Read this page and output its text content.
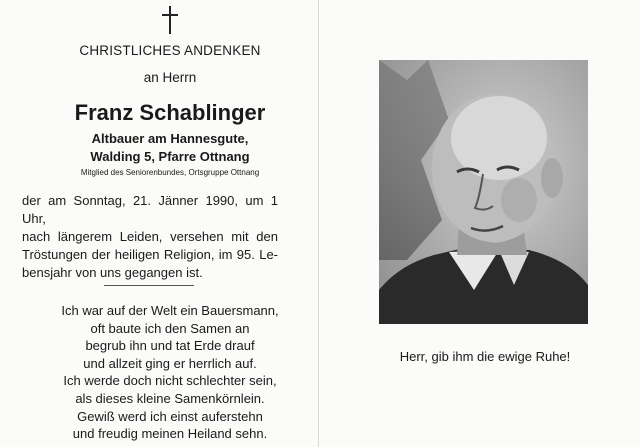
CHRISTLICHES ANDENKEN
an Herrn
Franz Schablinger
Altbauer am Hannesgute,
Walding 5, Pfarre Ottnang
Mitglied des Seniorenbundes, Ortsgruppe Ottnang
der am Sonntag, 21. Jänner 1990, um 1 Uhr,
nach längerem Leiden, versehen mit den
Tröstungen der heiligen Religion, im 95. Le-
bensjahr von uns gegangen ist.
Ich war auf der Welt ein Bauersmann,
oft baute ich den Samen an
begrub ihn und tat Erde drauf
und allzeit ging er herrlich auf.
Ich werde doch nicht schlechter sein,
als dieses kleine Samenkörnlein.
Gewiß werd ich einst auferstehn
und freudig meinen Heiland sehn.
Herr, gib ihm die ewige Ruhe!
